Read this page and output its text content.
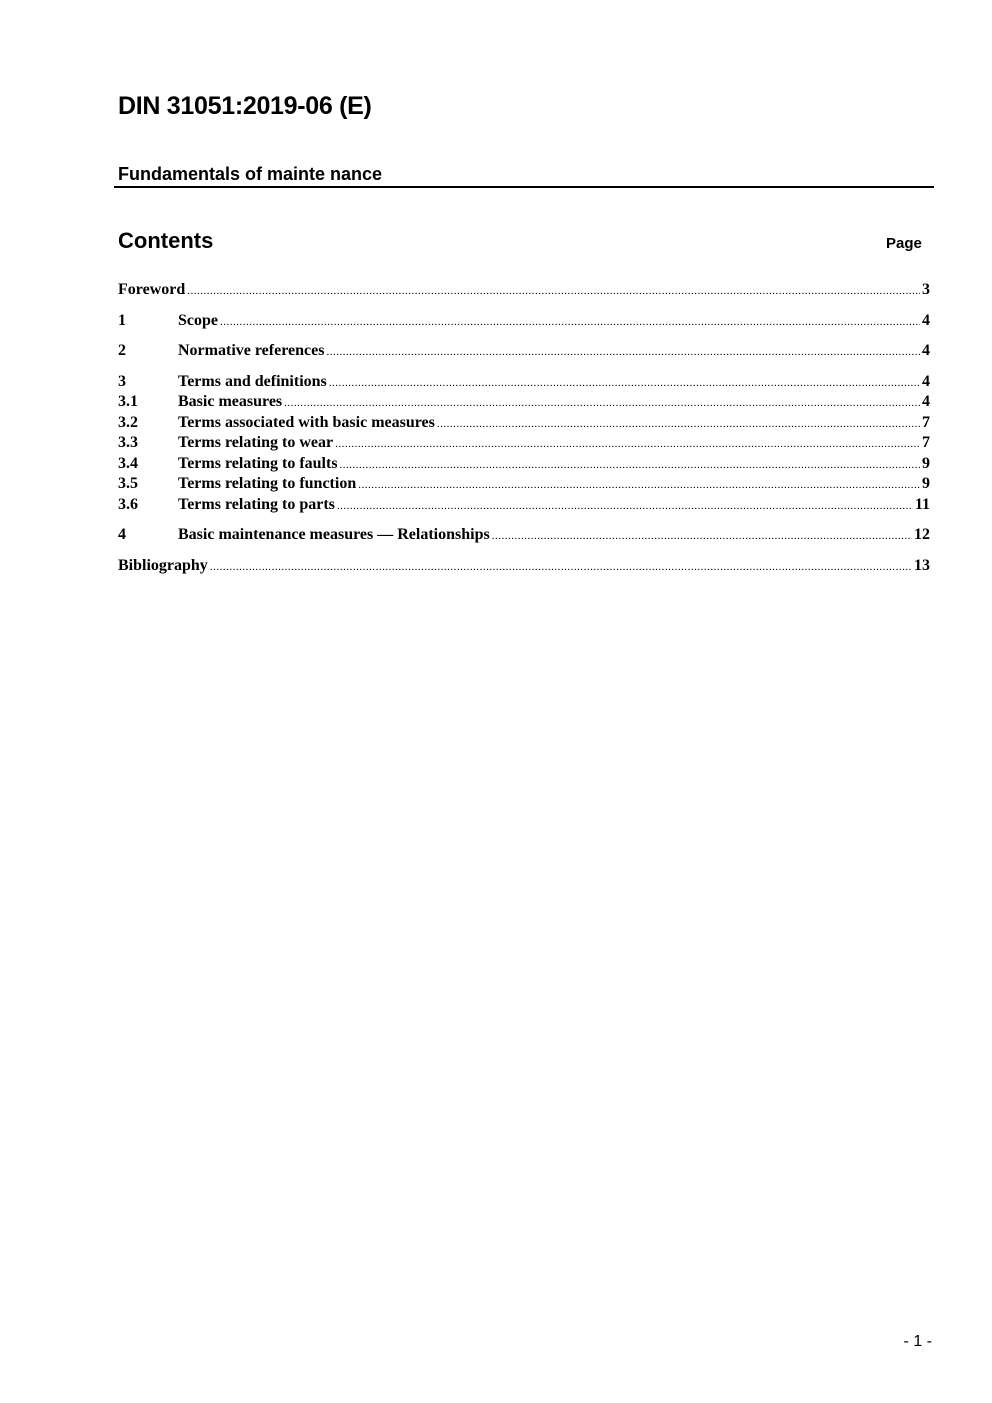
DIN 31051:2019-06 (E)
Fundamentals of mainte nance
Contents	Page
Foreword .....	3
1	Scope .....	4
2	Normative references .....	4
3	Terms and definitions .....	4
3.1	Basic measures .....	4
3.2	Terms associated with basic measures .....	7
3.3	Terms relating to wear .....	7
3.4	Terms relating to faults .....	9
3.5	Terms relating to function .....	9
3.6	Terms relating to parts .....	11
4	Basic maintenance measures — Relationships .....	12
Bibliography .....	13
- 1 -
